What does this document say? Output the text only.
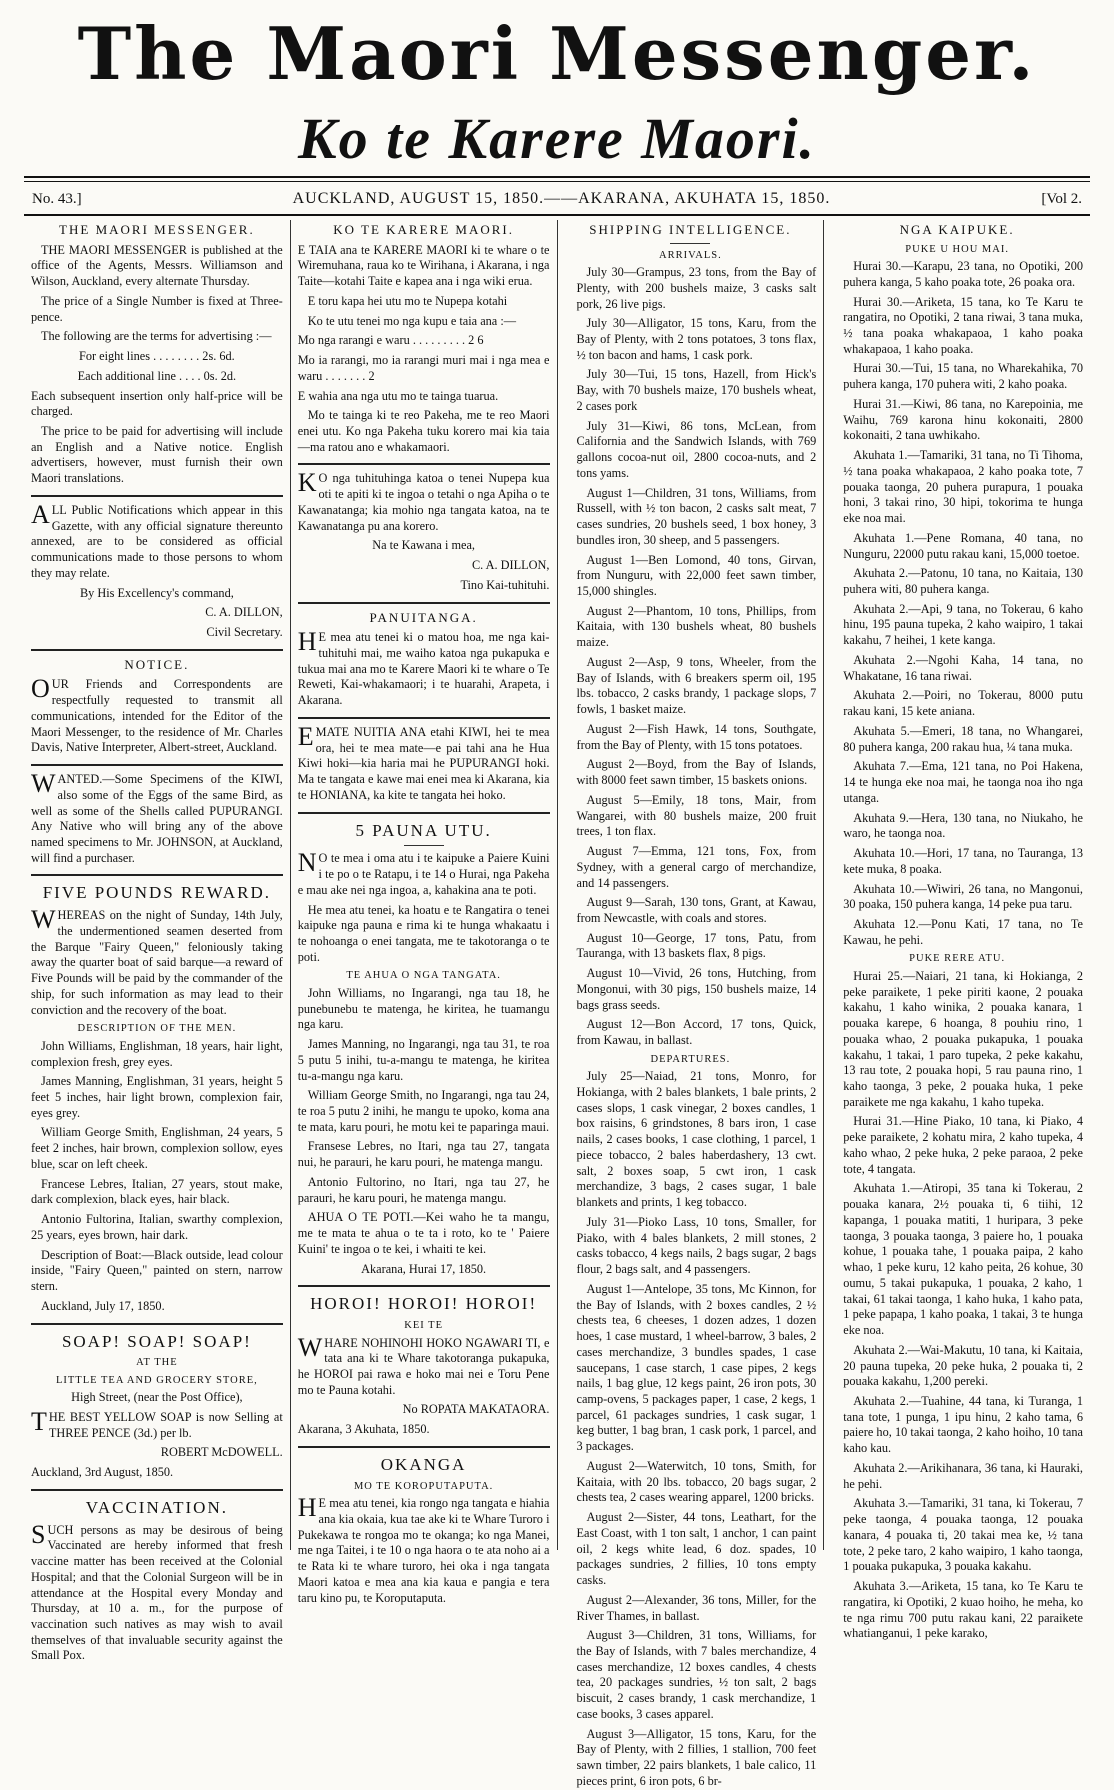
The Maori Messenger.
Ko te Karere Maori.
No. 43.]	AUCKLAND, AUGUST 15, 1850.——AKARANA, AKUHATA 15, 1850.	[Vol 2.
THE MAORI MESSENGER.

THE MAORI MESSENGER is published at the office of the Agents, Messrs. Williamson and Wilson, Auckland, every alternate Thursday.

The price of a Single Number is fixed at Three-pence.

The following are the terms for advertising :—

For eight lines . . . . . . . . 2s. 6d.

Each additional line . . . . 0s. 2d.

Each subsequent insertion only half-price will be charged.

The price to be paid for advertising will include an English and a Native notice. English advertisers, however, must furnish their own Maori translations.

ALL Public Notifications which appear in this Gazette, with any official signature thereunto annexed, are to be considered as official communications made to those persons to whom they may relate.

By His Excellency's command,

C. A. DILLON,

Civil Secretary.

NOTICE.

OUR Friends and Correspondents are respectfully requested to transmit all communications, intended for the Editor of the Maori Messenger, to the residence of Mr. Charles Davis, Native Interpreter, Albert-street, Auckland.

WANTED.—Some Specimens of the KIWI, also some of the Eggs of the same Bird, as well as some of the Shells called PUPURANGI. Any Native who will bring any of the above named specimens to Mr. JOHNSON, at Auckland, will find a purchaser.

FIVE POUNDS REWARD.

WHEREAS on the night of Sunday, 14th July, the undermentioned seamen deserted from the Barque "Fairy Queen," feloniously taking away the quarter boat of said barque—a reward of Five Pounds will be paid by the commander of the ship, for such information as may lead to their conviction and the recovery of the boat.

DESCRIPTION OF THE MEN.

John Williams, Englishman, 18 years, hair light, complexion fresh, grey eyes.

James Manning, Englishman, 31 years, height 5 feet 5 inches, hair light brown, complexion fair, eyes grey.

William George Smith, Englishman, 24 years, 5 feet 2 inches, hair brown, complexion sollow, eyes blue, scar on left cheek.

Francese Lebres, Italian, 27 years, stout make, dark complexion, black eyes, hair black.

Antonio Fultorina, Italian, swarthy complexion, 25 years, eyes brown, hair dark.

Description of Boat:—Black outside, lead colour inside, "Fairy Queen," painted on stern, narrow stern.

Auckland, July 17, 1850.

SOAP! SOAP! SOAP!
AT THE
LITTLE TEA AND GROCERY STORE,

High Street, (near the Post Office),

THE BEST YELLOW SOAP is now Selling at THREE PENCE (3d.) per lb.

ROBERT McDOWELL.

Auckland, 3rd August, 1850.

VACCINATION.

SUCH persons as may be desirous of being Vaccinated are hereby informed that fresh vaccine matter has been received at the Colonial Hospital; and that the Colonial Surgeon will be in attendance at the Hospital every Monday and Thursday, at 10 a. m., for the purpose of vaccination such natives as may wish to avail themselves of that invaluable security against the Small Pox.

KO TE KARERE MAORI.

E TAIA ana te KARERE MAORI ki te whare o te Wiremuhana, raua ko te Wirihana, i Akarana, i nga Taite—kotahi Taite e kapea ana i nga wiki erua.

E toru kapa hei utu mo te Nupepa kotahi

Ko te utu tenei mo nga kupu e taia ana :—

Mo nga rarangi e waru . . . . . . . . . 2 6

Mo ia rarangi, mo ia rarangi muri mai i nga mea e waru . . . . . . . 2

E wahia ana nga utu mo te tainga tuarua.

Mo te tainga ki te reo Pakeha, me te reo Maori enei utu. Ko nga Pakeha tuku korero mai kia taia—ma ratou ano e whakamaori.

KO nga tuhituhinga katoa o tenei Nupepa kua oti te apiti ki te ingoa o tetahi o nga Apiha o te Kawanatanga; kia mohio nga tangata katoa, na te Kawanatanga pu ana korero.

Na te Kawana i mea,

C. A. DILLON,

Tino Kai-tuhituhi.

PANUITANGA.

HE mea atu tenei ki o matou hoa, me nga kai-tuhituhi mai, me waiho katoa nga pukapuka e tukua mai ana mo te Karere Maori ki te whare o Te Reweti, Kai-whakamaori; i te huarahi, Arapeta, i Akarana.

EMATE NUITIA ANA etahi KIWI, hei te mea ora, hei te mea mate—e pai tahi ana he Hua Kiwi hoki—kia haria mai he PUPURANGI hoki. Ma te tangata e kawe mai enei mea ki Akarana, kia te HONIANA, ka kite te tangata hei hoko.

5 PAUNA UTU.

NO te mea i oma atu i te kaipuke a Paiere Kuini i te po o te Ratapu, i te 14 o Hurai, nga Pakeha e mau ake nei nga ingoa, a, kahakina ana te poti.

He mea atu tenei, ka hoatu e te Rangatira o tenei kaipuke nga pauna e rima ki te hunga whakaatu i te nohoanga o enei tangata, me te takotoranga o te poti.

TE AHUA O NGA TANGATA.

John Williams, no Ingarangi, nga tau 18, he punebunebu te matenga, he kiritea, he tuamangu nga karu.

James Manning, no Ingarangi, nga tau 31, te roa 5 putu 5 inihi, tu-a-mangu te matenga, he kiritea tu-a-mangu nga karu.

William George Smith, no Ingarangi, nga tau 24, te roa 5 putu 2 inihi, he mangu te upoko, koma ana te mata, karu pouri, he motu kei te paparinga maui.

Fransese Lebres, no Itari, nga tau 27, tangata nui, he parauri, he karu pouri, he matenga mangu.

Antonio Fultorino, no Itari, nga tau 27, he parauri, he karu pouri, he matenga mangu.

AHUA O TE POTI.—Kei waho he ta mangu, me te mata te ahua o te ta i roto, ko te ' Paiere Kuini' te ingoa o te kei, i whaiti te kei.

Akarana, Hurai 17, 1850.

HOROI! HOROI! HOROI!
KEI TE

WHARE NOHINOHI HOKO NGAWARI TI, e tata ana ki te Whare takotoranga pukapuka, he HOROI pai rawa e hoko mai nei e Toru Pene mo te Pauna kotahi.

No ROPATA MAKATAORA.

Akarana, 3 Akuhata, 1850.

OKANGA
MO TE KOROPUTAPUTA.

HE mea atu tenei, kia rongo nga tangata e hiahia ana kia okaia, kua tae ake ki te Whare Turoro i Pukekawa te rongoa mo te okanga; ko nga Manei, me nga Taitei, i te 10 o nga haora o te ata noho ai a te Rata ki te whare turoro, hei oka i nga tangata Maori katoa e mea ana kia kaua e pangia e tera taru kino pu, te Koroputaputa.

SHIPPING INTELLIGENCE.
ARRIVALS.

July 30—Grampus, 23 tons, from the Bay of Plenty, with 200 bushels maize, 3 casks salt pork, 26 live pigs.

July 30—Alligator, 15 tons, Karu, from the Bay of Plenty, with 2 tons potatoes, 3 tons flax, ½ ton bacon and hams, 1 cask pork.

July 30—Tui, 15 tons, Hazell, from Hick's Bay, with 70 bushels maize, 170 bushels wheat, 2 cases pork

July 31—Kiwi, 86 tons, McLean, from California and the Sandwich Islands, with 769 gallons cocoa-nut oil, 2800 cocoa-nuts, and 2 tons yams.

August 1—Children, 31 tons, Williams, from Russell, with ½ ton bacon, 2 casks salt meat, 7 cases sundries, 20 bushels seed, 1 box honey, 3 bundles iron, 30 sheep, and 5 passengers.

August 1—Ben Lomond, 40 tons, Girvan, from Nunguru, with 22,000 feet sawn timber, 15,000 shingles.

August 2—Phantom, 10 tons, Phillips, from Kaitaia, with 130 bushels wheat, 80 bushels maize.

August 2—Asp, 9 tons, Wheeler, from the Bay of Islands, with 6 breakers sperm oil, 195 lbs. tobacco, 2 casks brandy, 1 package slops, 7 fowls, 1 basket maize.

August 2—Fish Hawk, 14 tons, Southgate, from the Bay of Plenty, with 15 tons potatoes.

August 2—Boyd, from the Bay of Islands, with 8000 feet sawn timber, 15 baskets onions.

August 5—Emily, 18 tons, Mair, from Wangarei, with 80 bushels maize, 200 fruit trees, 1 ton flax.

August 7—Emma, 121 tons, Fox, from Sydney, with a general cargo of merchandize, and 14 passengers.

August 9—Sarah, 130 tons, Grant, at Kawau, from Newcastle, with coals and stores.

August 10—George, 17 tons, Patu, from Tauranga, with 13 baskets flax, 8 pigs.

August 10—Vivid, 26 tons, Hutching, from Mongonui, with 30 pigs, 150 bushels maize, 14 bags grass seeds.

August 12—Bon Accord, 17 tons, Quick, from Kawau, in ballast.

DEPARTURES.

July 25—Naiad, 21 tons, Monro, for Hokianga, with 2 bales blankets, 1 bale prints, 2 cases slops, 1 cask vinegar, 2 boxes candles, 1 box raisins, 6 grindstones, 8 bars iron, 1 case nails, 2 cases books, 1 case clothing, 1 parcel, 1 piece tobacco, 2 bales haberdashery, 13 cwt. salt, 2 boxes soap, 5 cwt iron, 1 cask merchandize, 3 bags, 2 cases sugar, 1 bale blankets and prints, 1 keg tobacco.

July 31—Pioko Lass, 10 tons, Smaller, for Piako, with 4 bales blankets, 2 mill stones, 2 casks tobacco, 4 kegs nails, 2 bags sugar, 2 bags flour, 2 bags salt, and 4 passengers.

August 1—Antelope, 35 tons, Mc Kinnon, for the Bay of Islands, with 2 boxes candles, 2 ½ chests tea, 6 cheeses, 1 dozen adzes, 1 dozen hoes, 1 case mustard, 1 wheel-barrow, 3 bales, 2 cases merchandize, 3 bundles spades, 1 case saucepans, 1 case starch, 1 case pipes, 2 kegs nails, 1 bag glue, 12 kegs paint, 26 iron pots, 30 camp-ovens, 5 packages paper, 1 case, 2 kegs, 1 parcel, 61 packages sundries, 1 cask sugar, 1 keg butter, 1 bag bran, 1 cask pork, 1 parcel, and 3 packages.

August 2—Waterwitch, 10 tons, Smith, for Kaitaia, with 20 lbs. tobacco, 20 bags sugar, 2 chests tea, 2 cases wearing apparel, 1200 bricks.

August 2—Sister, 44 tons, Leathart, for the East Coast, with 1 ton salt, 1 anchor, 1 can paint oil, 2 kegs white lead, 6 doz. spades, 10 packages sundries, 2 fillies, 10 tons empty casks.

August 2—Alexander, 36 tons, Miller, for the River Thames, in ballast.

August 3—Children, 31 tons, Williams, for the Bay of Islands, with 7 bales merchandize, 4 cases merchandize, 12 boxes candles, 4 chests tea, 20 packages sundries, ½ ton salt, 2 bags biscuit, 2 cases brandy, 1 cask merchandize, 1 case books, 3 cases apparel.

August 3—Alligator, 15 tons, Karu, for the Bay of Plenty, with 2 fillies, 1 stallion, 700 feet sawn timber, 22 pairs blankets, 1 bale calico, 11 pieces print, 6 iron pots, 6 br-

NGA KAIPUKE.
PUKE U HOU MAI.

Hurai 30.—Karapu, 23 tana, no Opotiki, 200 puhera kanga, 5 kaho poaka tote, 26 poaka ora.

Hurai 30.—Ariketa, 15 tana, ko Te Karu te rangatira, no Opotiki, 2 tana riwai, 3 tana muka, ½ tana poaka whakapaoa, 1 kaho poaka whakapaoa, 1 kaho poaka.

Hurai 30.—Tui, 15 tana, no Wharekahika, 70 puhera kanga, 170 puhera witi, 2 kaho poaka.

Hurai 31.—Kiwi, 86 tana, no Karepoinia, me Waihu, 769 karona hinu kokonaiti, 2800 kokonaiti, 2 tana uwhikaho.

Akuhata 1.—Tamariki, 31 tana, no Ti Tihoma, ½ tana poaka whakapaoa, 2 kaho poaka tote, 7 pouaka taonga, 20 puhera purapura, 1 pouaka honi, 3 takai rino, 30 hipi, tokorima te hunga eke noa mai.

Akuhata 1.—Pene Romana, 40 tana, no Nunguru, 22000 putu rakau kani, 15,000 toetoe.

Akuhata 2.—Patonu, 10 tana, no Kaitaia, 130 puhera witi, 80 puhera kanga.

Akuhata 2.—Api, 9 tana, no Tokerau, 6 kaho hinu, 195 pauna tupeka, 2 kaho waipiro, 1 takai kakahu, 7 heihei, 1 kete kanga.

Akuhata 2.—Ngohi Kaha, 14 tana, no Whakatane, 16 tana riwai.

Akuhata 2.—Poiri, no Tokerau, 8000 putu rakau kani, 15 kete aniana.

Akuhata 5.—Emeri, 18 tana, no Whangarei, 80 puhera kanga, 200 rakau hua, ¼ tana muka.

Akuhata 7.—Ema, 121 tana, no Poi Hakena, 14 te hunga eke noa mai, he taonga noa iho nga utanga.

Akuhata 9.—Hera, 130 tana, no Niukaho, he waro, he taonga noa.

Akuhata 10.—Hori, 17 tana, no Tauranga, 13 kete muka, 8 poaka.

Akuhata 10.—Wiwiri, 26 tana, no Mangonui, 30 poaka, 150 puhera kanga, 14 peke pua taru.

Akuhata 12.—Ponu Kati, 17 tana, no Te Kawau, he pehi.

PUKE RERE ATU.

Hurai 25.—Naiari, 21 tana, ki Hokianga, 2 peke paraikete, 1 peke piriti kaone, 2 pouaka kakahu, 1 kaho winika, 2 pouaka kanara, 1 pouaka karepe, 6 hoanga, 8 pouhiu rino, 1 pouaka whao, 2 pouaka pukapuka, 1 pouaka kakahu, 1 takai, 1 paro tupeka, 2 peke kakahu, 13 rau tote, 2 pouaka hopi, 5 rau pauna rino, 1 kaho taonga, 3 peke, 2 pouaka huka, 1 peke paraikete me nga kakahu, 1 kaho tupeka.

Hurai 31.—Hine Piako, 10 tana, ki Piako, 4 peke paraikete, 2 kohatu mira, 2 kaho tupeka, 4 kaho whao, 2 peke huka, 2 peke paraoa, 2 peke tote, 4 tangata.

Akuhata 1.—Atiropi, 35 tana ki Tokerau, 2 pouaka kanara, 2½ pouaka ti, 6 tiihi, 12 kapanga, 1 pouaka matiti, 1 huripara, 3 peke taonga, 3 pouaka taonga, 3 paiere ho, 1 pouaka kohue, 1 pouaka tahe, 1 pouaka paipa, 2 kaho whao, 1 peke kuru, 12 kaho peita, 26 kohue, 30 oumu, 5 takai pukapuka, 1 pouaka, 2 kaho, 1 takai, 61 takai taonga, 1 kaho huka, 1 kaho pata, 1 peke papapa, 1 kaho poaka, 1 takai, 3 te hunga eke noa.

Akuhata 2.—Wai-Makutu, 10 tana, ki Kaitaia, 20 pauna tupeka, 20 peke huka, 2 pouaka ti, 2 pouaka kakahu, 1,200 pereki.

Akuhata 2.—Tuahine, 44 tana, ki Turanga, 1 tana tote, 1 punga, 1 ipu hinu, 2 kaho tama, 6 paiere ho, 10 takai taonga, 2 kaho hoiho, 10 tana kaho kau.

Akuhata 2.—Arikihanara, 36 tana, ki Hauraki, he pehi.

Akuhata 3.—Tamariki, 31 tana, ki Tokerau, 7 peke taonga, 4 pouaka taonga, 12 pouaka kanara, 4 pouaka ti, 20 takai mea ke, ½ tana tote, 2 peke taro, 2 kaho waipiro, 1 kaho taonga, 1 pouaka pukapuka, 3 pouaka kakahu.

Akuhata 3.—Ariketa, 15 tana, ko Te Karu te rangatira, ki Opotiki, 2 kuao hoiho, he meha, ko te nga rimu 700 putu rakau kani, 22 paraikete whatianganui, 1 peke karako,
